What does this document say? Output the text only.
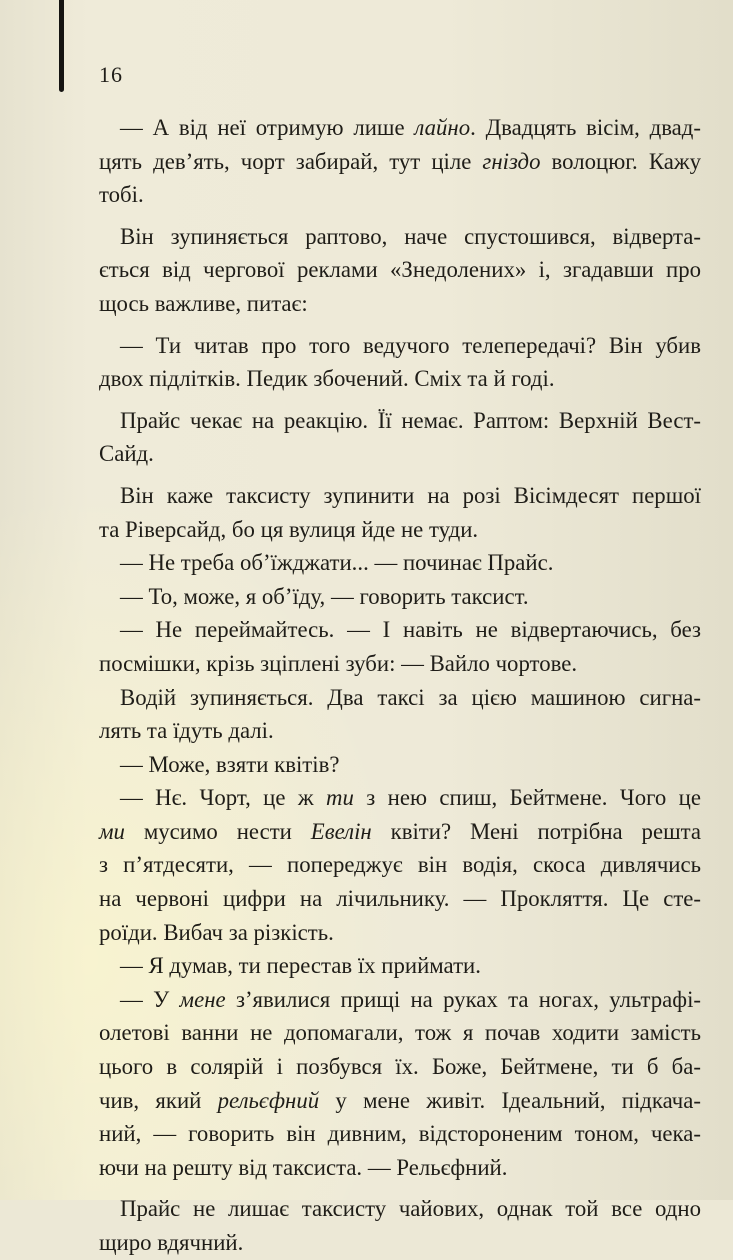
16
— А від неї отримую лише лайно. Двадцять вісім, двад-
цять дев’ять, чорт забирай, тут ціле гніздо волоцюг. Кажу
тобі.
Він зупиняється раптово, наче спустошився, відверта-
ється від чергової реклами «Знедолених» і, згадавши про
щось важливе, питає:
— Ти читав про того ведучого телепередачі? Він убив
двох підлітків. Педик збочений. Сміх та й годі.
Прайс чекає на реакцію. Її немає. Раптом: Верхній Вест-
Сайд.
Він каже таксисту зупинити на розі Вісімдесят першої
та Ріверсайд, бо ця вулиця йде не туди.
— Не треба об’їжджати... — починає Прайс.
— То, може, я об’їду, — говорить таксист.
— Не переймайтесь. — І навіть не відвертаючись, без
посмішки, крізь зціплені зуби: — Вайло чортове.
Водій зупиняється. Два таксі за цією машиною сигна-
лять та їдуть далі.
— Може, взяти квітів?
— Нє. Чорт, це ж ти з нею спиш, Бейтмене. Чого це
ми мусимо нести Евелін квіти? Мені потрібна решта
з п’ятдесяти, — попереджує він водія, скоса дивлячись
на червоні цифри на лічильнику. — Прокляття. Це сте-
роїди. Вибач за різкість.
— Я думав, ти перестав їх приймати.
— У мене з’явилися прищі на руках та ногах, ультрафі-
олетові ванни не допомагали, тож я почав ходити замість
цього в солярій і позбувся їх. Боже, Бейтмене, ти б ба-
чив, який рельєфний у мене живіт. Ідеальний, підкача-
ний, — говорить він дивним, відстороненим тоном, чека-
ючи на решту від таксиста. — Рельєфний.
Прайс не лишає таксисту чайових, однак той все одно
щиро вдячний.
